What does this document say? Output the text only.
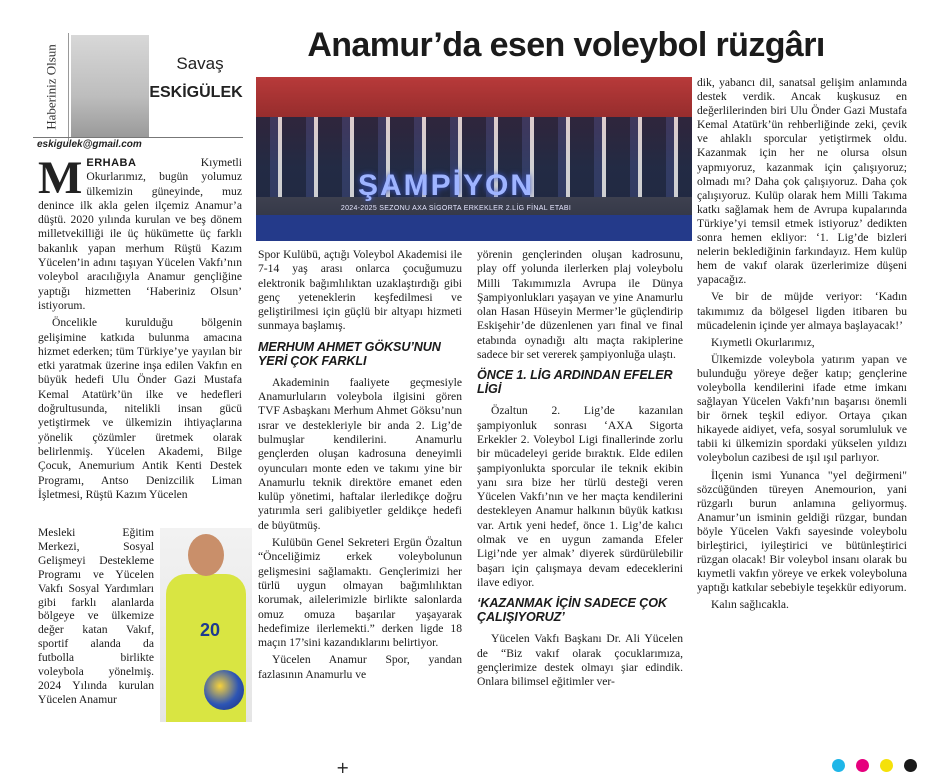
Haberiniz Olsun	Savaş
ESKİGÜLEK
eskigulek@gmail.com
Anamur’da esen voleybol rüzgârı
ŞAMPİYON
2024-2025 SEZONU AXA SİGORTA ERKEKLER 2.LİG FİNAL ETABI

MERHABA Kıymetli Okurlarımız, bugün yolumuz ülkemizin güneyinde, muz denince ilk akla gelen ilçemiz Anamur’a düştü. 2020 yılında kurulan ve beş dönem milletvekilliği ile üç hükümette üç farklı bakanlık yapan merhum Rüştü Kazım Yücelen’in adını taşıyan Yücelen Vakfı’nın voleybol aracılığıyla Anamur gençliğine yaptığı hizmetten ‘Haberiniz Olsun’ istiyorum.

Öncelikle kurulduğu bölgenin gelişimine katkıda bulunma amacına hizmet ederken; tüm Türkiye’ye yayılan bir etki yaratmak üzerine inşa edilen Vakfın en büyük hedefi Ulu Önder Gazi Mustafa Kemal Atatürk’ün ilke ve hedefleri doğrultusunda, nitelikli insan gücü yetiştirmek ve ülkemizin ihtiyaçlarına yönelik çözümler üretmek olarak belirlenmiş. Yücelen Akademi, Bilge Çocuk, Anemurium Antik Kenti Destek Programı, Antso Denizcilik Liman İşletmesi, Rüştü Kazım Yücelen

Mesleki Eğitim Merkezi, Sosyal Gelişmeyi Destekleme Programı ve Yücelen Vakfı Sosyal Yardımları gibi farklı alanlarda bölgeye ve ülkemize değer katan Vakıf, sportif alanda da futbolla birlikte voleybola yönelmiş. 2024 Yılında kurulan Yücelen Anamur

20

Spor Kulübü, açtığı Voleybol Akademisi ile 7-14 yaş arası onlarca çocuğumuzu elektronik bağımlılıktan uzaklaştırdığı gibi genç yeteneklerin keşfedilmesi ve geliştirilmesi için güçlü bir altyapı hizmeti sunmaya başlamış.

MERHUM AHMET GÖKSU’NUN YERİ ÇOK FARKLI

Akademinin faaliyete geçmesiyle Anamurluların voleybola ilgisini gören TVF Asbaşkanı Merhum Ahmet Göksu’nun ısrar ve destekleriyle bir anda 2. Lig’de bulmuşlar kendilerini. Anamurlu gençlerden oluşan kadrosuna deneyimli oyuncuları monte eden ve takımı yine bir Anamurlu teknik direktöre emanet eden kulüp yönetimi, haftalar ilerledikçe doğru yatırımla seri galibiyetler geldikçe hedefi de büyütmüş.

Kulübün Genel Sekreteri Ergün Özaltun “Önceliğimiz erkek voleybolunun gelişmesini sağlamaktı. Gençlerimizi her türlü uygun olmayan bağımlılıktan korumak, ailelerimizle birlikte salonlarda omuz omuza başarılar yaşayarak hedefimize ilerlemekti.” derken ligde 18 maçın 17’sini kazandıklarını belirtiyor.

Yücelen Anamur Spor, yandan fazlasının Anamurlu ve

yörenin gençlerinden oluşan kadrosunu, play off yolunda ilerlerken plaj voleybolu Milli Takımımızla Avrupa ile Dünya Şampiyonlukları yaşayan ve yine Anamurlu olan Hasan Hüseyin Mermer’le güçlendirip Eskişehir’de düzenlenen yarı final ve final etabında oynadığı altı maçta rakiplerine sadece bir set vererek şampiyonluğa ulaştı.

ÖNCE 1. LİG ARDINDAN EFELER LİGİ

Özaltun 2. Lig’de kazanılan şampiyonluk sonrası ‘AXA Sigorta Erkekler 2. Voleybol Ligi finallerinde zorlu bir mücadeleyi geride bıraktık. Elde edilen şampiyonlukta sporcular ile teknik ekibin yanı sıra bize her türlü desteği veren Yücelen Vakfı’nın ve her maçta kendilerini destekleyen Anamur halkının büyük katkısı var. Artık yeni hedef, önce 1. Lig’de kalıcı olmak ve en uygun zamanda Efeler Ligi’nde yer almak’ diyerek sürdürülebilir başarı için çalışmaya devam edeceklerini ilave ediyor.

‘KAZANMAK İÇİN SADECE ÇOK ÇALIŞIYORUZ’

Yücelen Vakfı Başkanı Dr. Ali Yücelen de “Biz vakıf olarak çocuklarımıza, gençlerimize destek olmayı şiar edindik. Onlara bilimsel eğitimler ver-

dik, yabancı dil, sanatsal gelişim anlamında destek verdik. Ancak kuşkusuz en değerlilerinden biri Ulu Önder Gazi Mustafa Kemal Atatürk’ün rehberliğinde zeki, çevik ve ahlaklı sporcular yetiştirmek oldu. Kazanmak için her ne olursa olsun yapmıyoruz, kazanmak için çalışıyoruz; olmadı mı? Daha çok çalışıyoruz. Daha çok çalışıyoruz. Kulüp olarak hem Milli Takıma katkı sağlamak hem de Avrupa kupalarında Türkiye’yi temsil etmek istiyoruz’ dedikten sonra hemen ekliyor: ‘1. Lig’de bizleri nelerin beklediğinin farkındayız. Hem kulüp hem de vakıf olarak üzerlerimize düşeni yapacağız.

Ve bir de müjde veriyor: ‘Kadın takımımız da bölgesel ligden itibaren bu mücadelenin içinde yer almaya başlayacak!’

Kıymetli Okurlarımız,

Ülkemizde voleybola yatırım yapan ve bulunduğu yöreye değer katıp; gençlerine voleybolla kendilerini ifade etme imkanı sağlayan Yücelen Vakfı’nın başarısı önemli bir örnek teşkil ediyor. Ortaya çıkan hikayede aidiyet, vefa, sosyal sorumluluk ve tabii ki ülkemizin spordaki yükselen yıldızı voleybolun cazibesi de ışıl ışıl parlıyor.

İlçenin ismi Yunanca "yel değirmeni" sözcüğünden türeyen Anemourion, yani rüzgarlı burun anlamına geliyormuş. Anamur’un isminin geldiği rüzgar, bundan böyle Yücelen Vakfı sayesinde voleybolu birleştirici, iyileştirici ve bütünleştirici rüzgan olacak! Bir voleybol insanı olarak bu kıymetli vakfın yöreye ve erkek voleyboluna yaptığı katkılar sebebiyle teşekkür ediyorum.

Kalın sağlıcakla.

+
